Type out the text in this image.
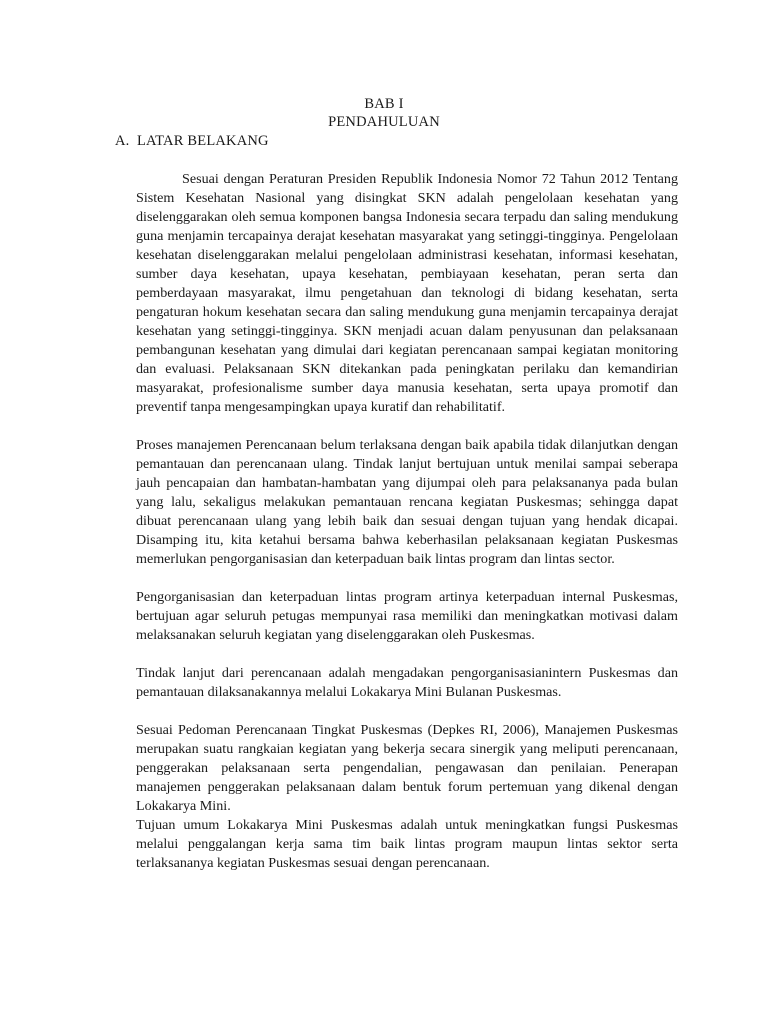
BAB I
PENDAHULUAN
A. LATAR BELAKANG

Sesuai dengan Peraturan Presiden Republik Indonesia Nomor 72 Tahun 2012 Tentang Sistem Kesehatan Nasional yang disingkat SKN adalah pengelolaan kesehatan yang diselenggarakan oleh semua komponen bangsa Indonesia secara terpadu dan saling mendukung guna menjamin tercapainya derajat kesehatan masyarakat yang setinggi-tingginya. Pengelolaan kesehatan diselenggarakan melalui pengelolaan administrasi kesehatan, informasi kesehatan, sumber daya kesehatan, upaya kesehatan, pembiayaan kesehatan, peran serta dan pemberdayaan masyarakat, ilmu pengetahuan dan teknologi di bidang kesehatan, serta pengaturan hokum kesehatan secara dan saling mendukung guna menjamin tercapainya derajat kesehatan yang setinggi-tingginya. SKN menjadi acuan dalam penyusunan dan pelaksanaan pembangunan kesehatan yang dimulai dari kegiatan perencanaan sampai kegiatan monitoring dan evaluasi. Pelaksanaan SKN ditekankan pada peningkatan perilaku dan kemandirian masyarakat, profesionalisme sumber daya manusia kesehatan, serta upaya promotif dan preventif tanpa mengesampingkan upaya kuratif dan rehabilitatif.

Proses manajemen Perencanaan belum terlaksana dengan baik apabila tidak dilanjutkan dengan pemantauan dan perencanaan ulang. Tindak lanjut bertujuan untuk menilai sampai seberapa jauh pencapaian dan hambatan-hambatan yang dijumpai oleh para pelaksananya pada bulan yang lalu, sekaligus melakukan pemantauan rencana kegiatan Puskesmas; sehingga dapat dibuat perencanaan ulang yang lebih baik dan sesuai dengan tujuan yang hendak dicapai. Disamping itu, kita ketahui bersama bahwa keberhasilan pelaksanaan kegiatan Puskesmas memerlukan pengorganisasian dan keterpaduan baik lintas program dan lintas sector.

Pengorganisasian dan keterpaduan lintas program artinya keterpaduan internal Puskesmas, bertujuan agar seluruh petugas mempunyai rasa memiliki dan meningkatkan motivasi dalam melaksanakan seluruh kegiatan yang diselenggarakan oleh Puskesmas.

Tindak lanjut dari perencanaan adalah mengadakan pengorganisasianintern Puskesmas dan pemantauan dilaksanakannya melalui Lokakarya Mini Bulanan Puskesmas.

Sesuai Pedoman Perencanaan Tingkat Puskesmas (Depkes RI, 2006), Manajemen Puskesmas merupakan suatu rangkaian kegiatan yang bekerja secara sinergik yang meliputi perencanaan, penggerakan pelaksanaan serta pengendalian, pengawasan dan penilaian. Penerapan manajemen penggerakan pelaksanaan dalam bentuk forum pertemuan yang dikenal dengan Lokakarya Mini.

Tujuan umum Lokakarya Mini Puskesmas adalah untuk meningkatkan fungsi Puskesmas melalui penggalangan kerja sama tim baik lintas program maupun lintas sektor serta terlaksananya kegiatan Puskesmas sesuai dengan perencanaan.
